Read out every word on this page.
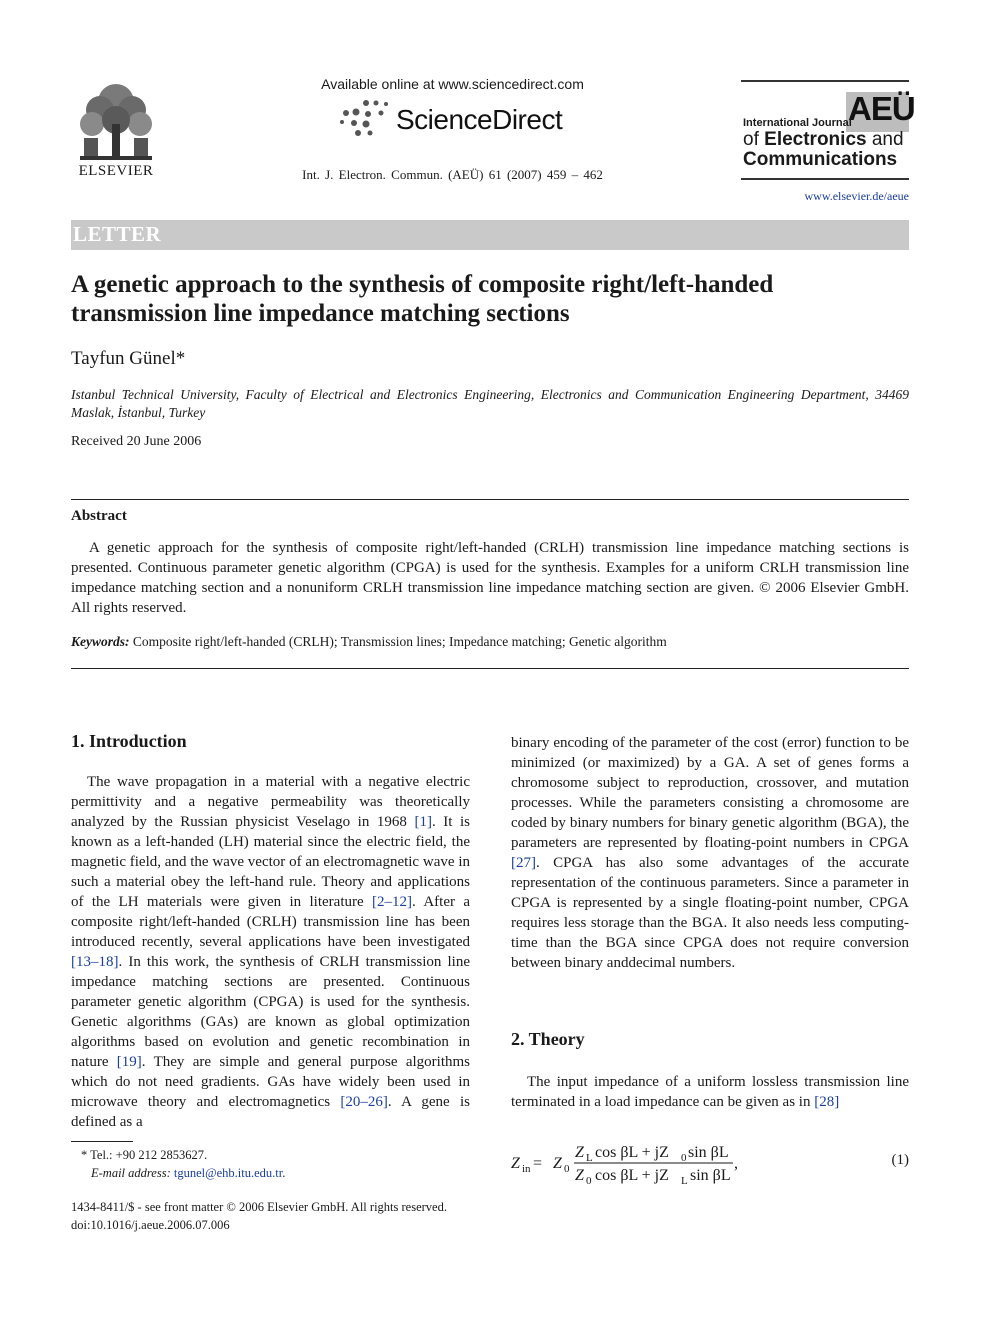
ELSEVIER
Available online at www.sciencedirect.com
ScienceDirect
Int. J. Electron. Commun. (AEÜ) 61 (2007) 459 – 462
AEÜ
International Journal
of Electronics and
Communications
www.elsevier.de/aeue
LETTER
A genetic approach to the synthesis of composite right/left-handed transmission line impedance matching sections
Tayfun Günel*
Istanbul Technical University, Faculty of Electrical and Electronics Engineering, Electronics and Communication Engineering Department, 34469 Maslak, İstanbul, Turkey
Received 20 June 2006
Abstract
A genetic approach for the synthesis of composite right/left-handed (CRLH) transmission line impedance matching sections is presented. Continuous parameter genetic algorithm (CPGA) is used for the synthesis. Examples for a uniform CRLH transmission line impedance matching section and a nonuniform CRLH transmission line impedance matching section are given. © 2006 Elsevier GmbH. All rights reserved.
Keywords: Composite right/left-handed (CRLH); Transmission lines; Impedance matching; Genetic algorithm
1. Introduction

The wave propagation in a material with a negative electric permittivity and a negative permeability was theoretically analyzed by the Russian physicist Veselago in 1968 [1]. It is known as a left-handed (LH) material since the electric field, the magnetic field, and the wave vector of an electromagnetic wave in such a material obey the left-hand rule. Theory and applications of the LH materials were given in literature [2–12]. After a composite right/left-handed (CRLH) transmission line has been introduced recently, several applications have been investigated [13–18]. In this work, the synthesis of CRLH transmission line impedance matching sections are presented. Continuous parameter genetic algorithm (CPGA) is used for the synthesis. Genetic algorithms (GAs) are known as global optimization algorithms based on evolution and genetic recombination in nature [19]. They are simple and general purpose algorithms which do not need gradients. GAs have widely been used in microwave theory and electromagnetics [20–26]. A gene is defined as a

* Tel.: +90 212 2853627.
E-mail address: tgunel@ehb.itu.edu.tr.
1434-8411/$ - see front matter © 2006 Elsevier GmbH. All rights reserved.
doi:10.1016/j.aeue.2006.07.006

binary encoding of the parameter of the cost (error) function to be minimized (or maximized) by a GA. A set of genes forms a chromosome subject to reproduction, crossover, and mutation processes. While the parameters consisting a chromosome are coded by binary numbers for binary genetic algorithm (BGA), the parameters are represented by floating-point numbers in CPGA [27]. CPGA has also some advantages of the accurate representation of the continuous parameters. Since a parameter in CPGA is represented by a single floating-point number, CPGA requires less storage than the BGA. It also needs less computing-time than the BGA since CPGA does not require conversion between binary anddecimal numbers.

2. Theory

The input impedance of a uniform lossless transmission line terminated in a load impedance can be given as in [28]

Z in = Z 0
Z L cos βL + jZ 0 sin βL
Z 0 cos βL + jZ L sin βL
,	(1)
